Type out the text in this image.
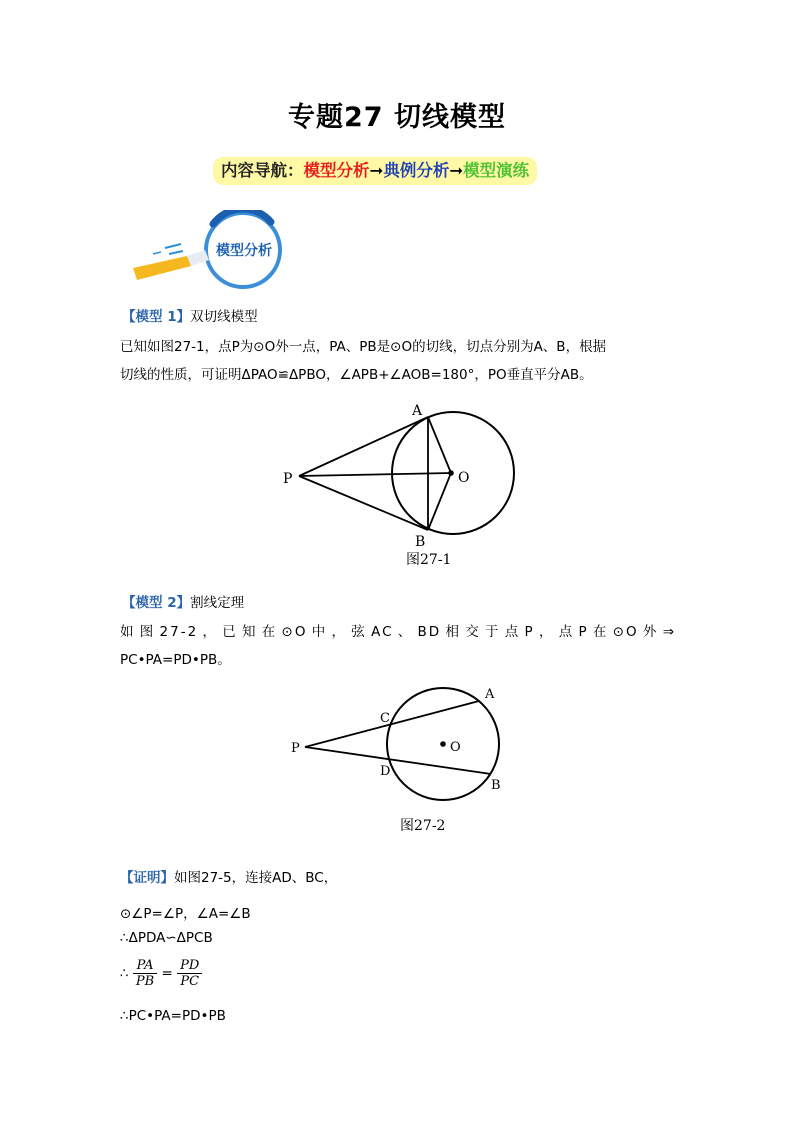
专题27 切线模型
内容导航：模型分析➞典例分析➞模型演练
模型分析
【模型 1】双切线模型
已知如图27-1，点P为⊙O外一点，PA、PB是⊙O的切线，切点分别为A、B，根据
切线的性质，可证明ΔPAO≌ΔPBO，∠APB+∠AOB=180°，PO垂直平分AB。
A
B
P	O
图27-1
【模型 2】割线定理
如图27-2，已知在⊙O中，弦AC、BD相交于点P，点P在⊙O外⇒
PC•PA=PD•PB。
A
B
C
D
P	O
图27-2
【证明】如图27-5，连接AD、BC，
⊙∠P=∠P，∠A=∠B
∴ΔPDA∽ΔPCB
∴ $\frac{PA}{PB} = \frac{PD}{PC}$
∴PC•PA=PD•PB
